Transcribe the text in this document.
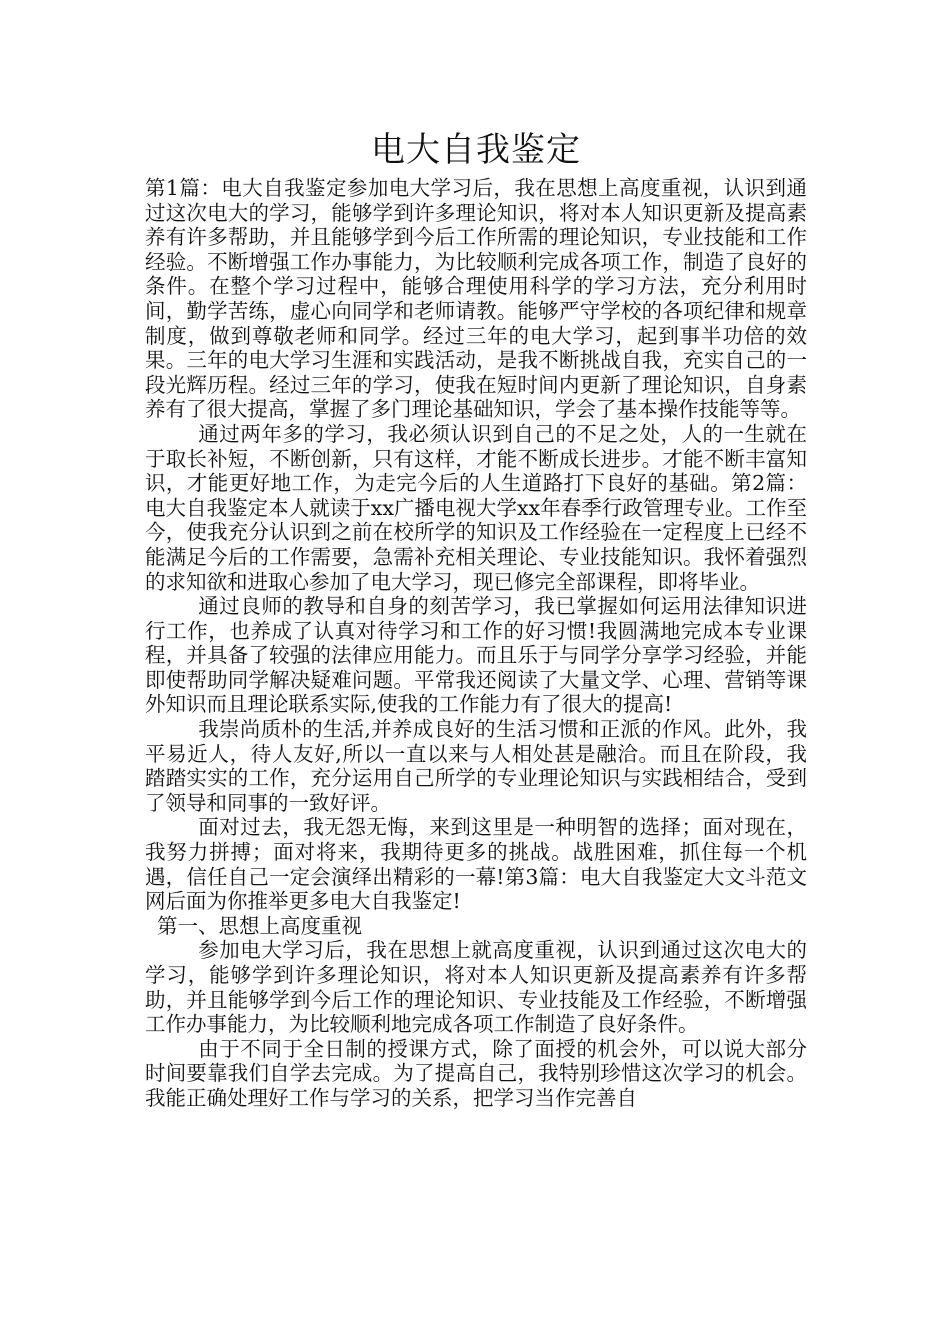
电大自我鉴定

第1篇：电大自我鉴定参加电大学习后，我在思想上高度重视，认识到通过这次电大的学习，能够学到许多理论知识，将对本人知识更新及提高素养有许多帮助，并且能够学到今后工作所需的理论知识，专业技能和工作经验。不断增强工作办事能力，为比较顺利完成各项工作，制造了良好的条件。在整个学习过程中，能够合理使用科学的学习方法，充分利用时间，勤学苦练，虚心向同学和老师请教。能够严守学校的各项纪律和规章制度，做到尊敬老师和同学。经过三年的电大学习，起到事半功倍的效果。三年的电大学习生涯和实践活动，是我不断挑战自我，充实自己的一段光辉历程。经过三年的学习，使我在短时间内更新了理论知识，自身素养有了很大提高，掌握了多门理论基础知识，学会了基本操作技能等等。

通过两年多的学习，我必须认识到自己的不足之处，人的一生就在于取长补短，不断创新，只有这样，才能不断成长进步。才能不断丰富知识，才能更好地工作，为走完今后的人生道路打下良好的基础。第2篇：电大自我鉴定本人就读于xx广播电视大学xx年春季行政管理专业。工作至今，使我充分认识到之前在校所学的知识及工作经验在一定程度上已经不能满足今后的工作需要，急需补充相关理论、专业技能知识。我怀着强烈的求知欲和进取心参加了电大学习，现已修完全部课程，即将毕业。

通过良师的教导和自身的刻苦学习，我已掌握如何运用法律知识进行工作，也养成了认真对待学习和工作的好习惯!我圆满地完成本专业课程，并具备了较强的法律应用能力。而且乐于与同学分享学习经验，并能即使帮助同学解决疑难问题。平常我还阅读了大量文学、心理、营销等课外知识而且理论联系实际,使我的工作能力有了很大的提高!

我崇尚质朴的生活,并养成良好的生活习惯和正派的作风。此外，我平易近人，待人友好,所以一直以来与人相处甚是融洽。而且在阶段，我踏踏实实的工作，充分运用自己所学的专业理论知识与实践相结合，受到了领导和同事的一致好评。

面对过去，我无怨无悔，来到这里是一种明智的选择；面对现在，我努力拼搏；面对将来，我期待更多的挑战。战胜困难，抓住每一个机遇，信任自己一定会演绎出精彩的一幕!第3篇：电大自我鉴定大文斗范文网后面为你推举更多电大自我鉴定!

第一、思想上高度重视

参加电大学习后，我在思想上就高度重视，认识到通过这次电大的学习，能够学到许多理论知识，将对本人知识更新及提高素养有许多帮助，并且能够学到今后工作的理论知识、专业技能及工作经验，不断增强工作办事能力，为比较顺利地完成各项工作制造了良好条件。

由于不同于全日制的授课方式，除了面授的机会外，可以说大部分时间要靠我们自学去完成。为了提高自己，我特别珍惜这次学习的机会。我能正确处理好工作与学习的关系，把学习当作完善自
